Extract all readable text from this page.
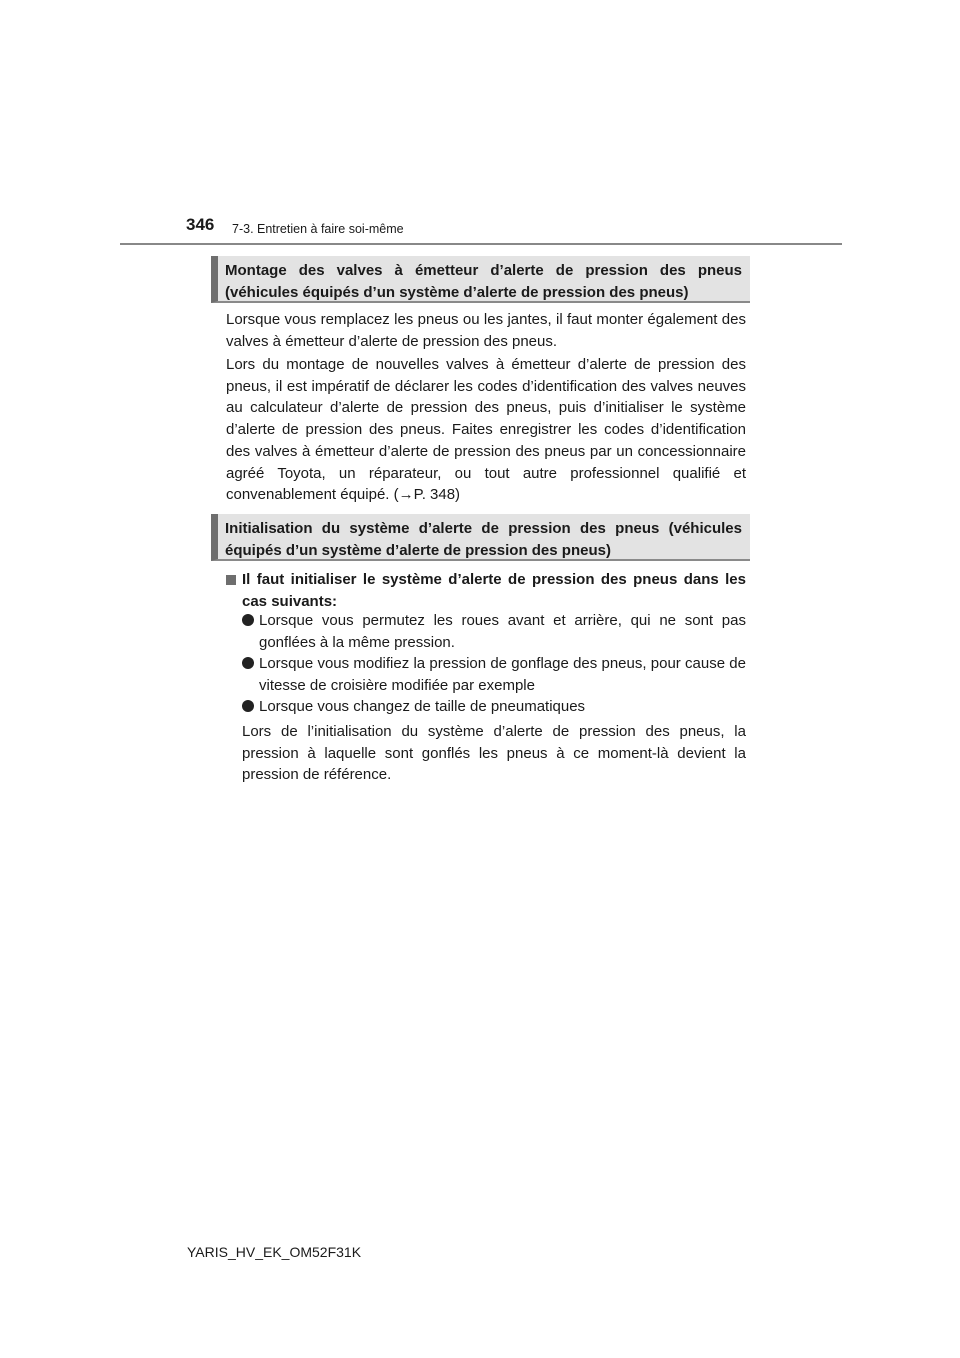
346 7-3. Entretien à faire soi-même

Montage des valves à émetteur d’alerte de pression des pneus (véhicules équipés d’un système d’alerte de pression des pneus)

Lorsque vous remplacez les pneus ou les jantes, il faut monter également des valves à émetteur d’alerte de pression des pneus.

Lors du montage de nouvelles valves à émetteur d’alerte de pression des pneus, il est impératif de déclarer les codes d’identification des valves neuves au calculateur d’alerte de pression des pneus, puis d’initialiser le système d’alerte de pression des pneus. Faites enregistrer les codes d’identification des valves à émetteur d’alerte de pression des pneus par un concessionnaire agréé Toyota, un réparateur, ou tout autre professionnel qualifié et convenablement équipé. (→P. 348)

Initialisation du système d’alerte de pression des pneus (véhicules équipés d’un système d’alerte de pression des pneus)
Il faut initialiser le système d’alerte de pression des pneus dans les cas suivants:
Lorsque vous permutez les roues avant et arrière, qui ne sont pas gonflées à la même pression.
Lorsque vous modifiez la pression de gonflage des pneus, pour cause de vitesse de croisière modifiée par exemple
Lorsque vous changez de taille de pneumatiques

Lors de l’initialisation du système d’alerte de pression des pneus, la pression à laquelle sont gonflés les pneus à ce moment-là devient la pression de référence.

YARIS_HV_EK_OM52F31K
